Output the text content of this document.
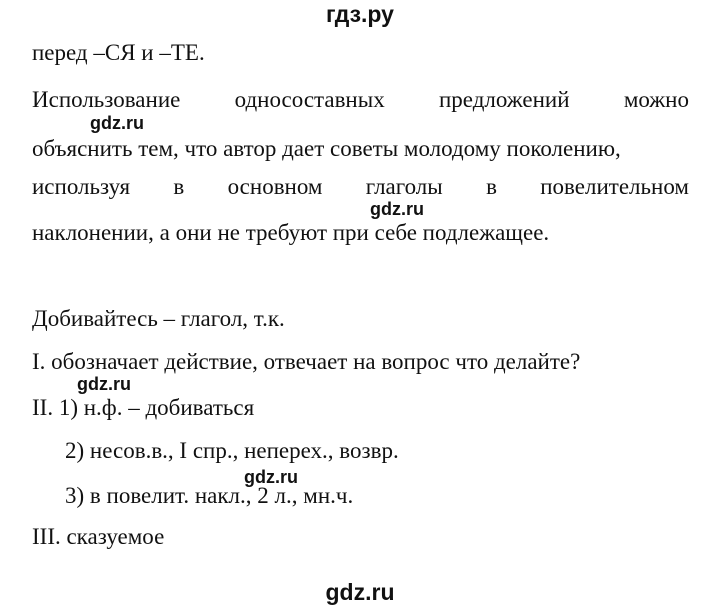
гдз.ру
перед –СЯ и –ТЕ.
Использование односоставных предложений можно
объяснить тем, что автор дает советы молодому поколению,
используя в основном глаголы в повелительном
наклонении, а они не требуют при себе подлежащее.
Добивайтесь – глагол, т.к.
I. обозначает действие, отвечает на вопрос что делайте?
II. 1) н.ф. – добиваться
2) несов.в., I спр., неперех., возвр.
3) в повелит. накл., 2 л., мн.ч.
III. сказуемое
gdz.ru
gdz.ru
gdz.ru
gdz.ru
gdz.ru
